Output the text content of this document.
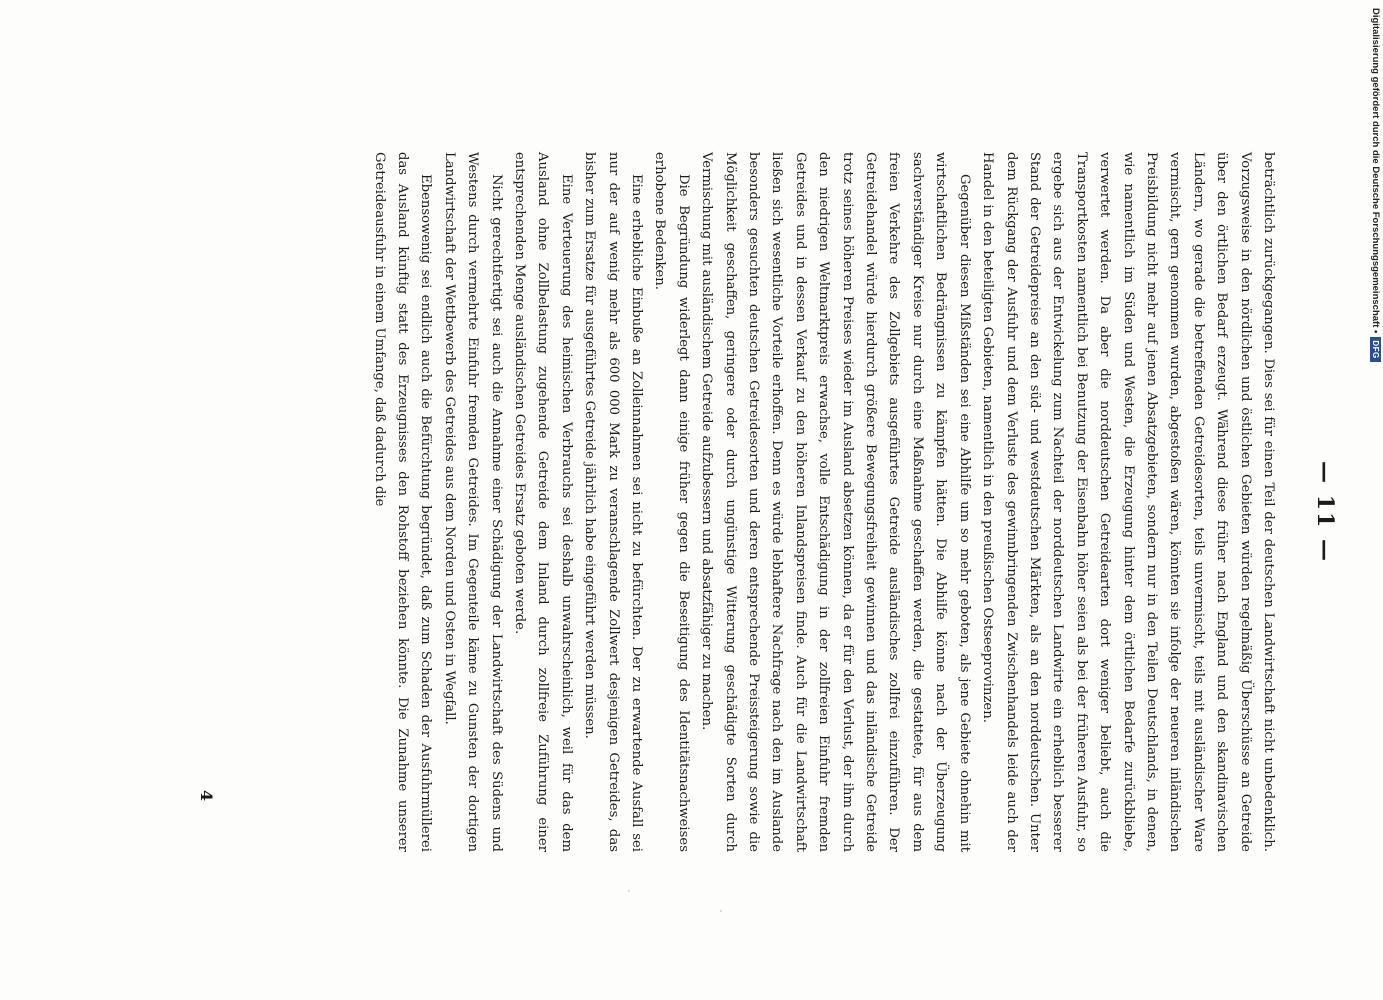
— 11 —

beträchtlich zurückgegangen. Dies sei für einen Teil der deutschen Landwirtschaft nicht unbedenklich. Vorzugsweise in den nördlichen und östlichen Gebieten würden regelmäßig Überschüsse an Getreide über den örtlichen Bedarf erzeugt. Während diese früher nach England und den skandinavischen Ländern, wo gerade die betreffenden Getreidesorten, teils unvermischt, teils mit ausländischer Ware vermischt, gern genommen wurden, abgestoßen wären, könnten sie infolge der neueren inländischen Preisbildung nicht mehr auf jenen Absatzgebieten, sondern nur in den Teilen Deutschlands, in denen, wie namentlich im Süden und Westen, die Erzeugung hinter dem örtlichen Bedarfe zurückbliebe, verwertet werden. Da aber die norddeutschen Getreidearten dort weniger beliebt, auch die Transportkosten namentlich bei Benutzung der Eisenbahn höher seien als bei der früheren Ausfuhr, so ergebe sich aus der Entwickelung zum Nachteil der norddeutschen Landwirte ein erheblich besserer Stand der Getreidepreise an den süd- und westdeutschen Märkten, als an den norddeutschen. Unter dem Rückgang der Ausfuhr und dem Verluste des gewinnbringenden Zwischenhandels leide auch der Handel in den beteiligten Gebieten, namentlich in den preußischen Ostseeprovinzen.

Gegenüber diesen Mißständen sei eine Abhilfe um so mehr geboten, als jene Gebiete ohnehin mit wirtschaftlichen Bedrängnissen zu kämpfen hätten. Die Abhilfe könne nach der Überzeugung sachverständiger Kreise nur durch eine Maßnahme geschaffen werden, die gestattete, für aus dem freien Verkehre des Zollgebiets ausgeführtes Getreide ausländisches zollfrei einzuführen. Der Getreidehandel würde hierdurch größere Bewegungsfreiheit gewinnen und das inländische Getreide trotz seines höheren Preises wieder im Ausland absetzen können, da er für den Verlust, der ihm durch den niedrigen Weltmarktpreis erwachse, volle Entschädigung in der zollfreien Einfuhr fremden Getreides und in dessen Verkauf zu den höheren Inlandspreisen finde. Auch für die Landwirtschaft ließen sich wesentliche Vorteile erhoffen. Denn es würde lebhaftere Nachfrage nach den im Auslande besonders gesuchten deutschen Getreidesorten und deren entsprechende Preissteigerung sowie die Möglichkeit geschaffen, geringere oder durch ungünstige Witterung geschädigte Sorten durch Vermischung mit ausländischem Getreide aufzubessern und absatzfähiger zu machen.

Die Begründung widerlegt dann einige früher gegen die Beseitigung des Identitätsnachweises erhobene Bedenken.

Eine erhebliche Einbuße an Zolleinnahmen sei nicht zu befürchten. Der zu erwartende Ausfall sei nur der auf wenig mehr als 600 000 Mark zu veranschlagende Zollwert desjenigen Getreides, das bisher zum Ersatze für ausgeführtes Getreide jährlich habe eingeführt werden müssen.

Eine Verteuerung des heimischen Verbrauchs sei deshalb unwahrscheinlich, weil für das dem Ausland ohne Zollbelastung zugehende Getreide dem Inland durch zollfreie Zuführung einer entsprechenden Menge ausländischen Getreides Ersatz geboten werde.

Nicht gerechtfertigt sei auch die Annahme einer Schädigung der Landwirtschaft des Südens und Westens durch vermehrte Einfuhr fremden Getreides. Im Gegenteile käme zu Gunsten der dortigen Landwirtschaft der Wettbewerb des Getreides aus dem Norden und Osten in Wegfall.

Ebensowenig sei endlich auch die Befürchtung begründet, daß zum Schaden der Ausfuhrmüllerei das Ausland künftig statt des Erzeugnisses den Rohstoff beziehen könnte. Die Zunahme unserer Getreideausfuhr in einem Umfange, daß dadurch die

4
Digitalisierung gefördert durch die Deutsche Forschungsgemeinschaft •
DFG
